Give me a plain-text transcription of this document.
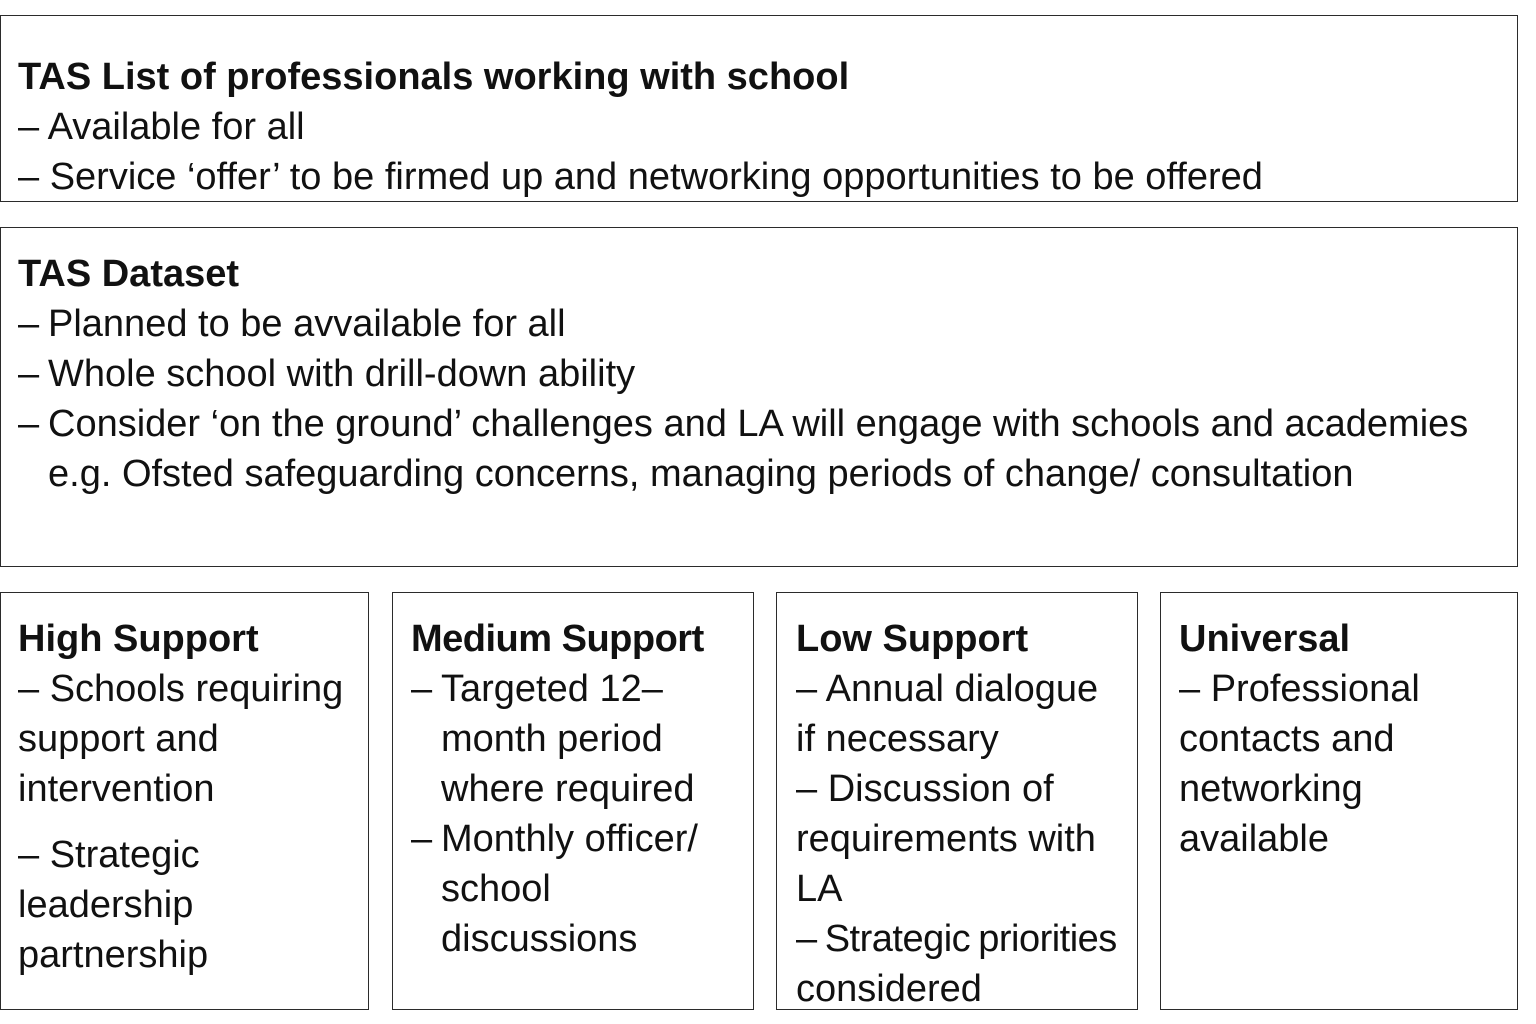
TAS List of professionals working with school
– Available for all
– Service ‘offer’ to be firmed up and networking opportunities to be offered
TAS Dataset
– Planned to be avvailable for all
– Whole school with drill-down ability
– Consider ‘on the ground’ challenges and LA will engage with schools and academies e.g. Ofsted safeguarding concerns, managing periods of change/ consultation
High Support
– Schools requiring support and intervention
– Strategic leadership partnership
Medium Support
– Targeted 12– month period where required
– Monthly officer/ school discussions
Low Support
– Annual dialogue if necessary
– Discussion of requirements with LA
– Strategic priorities
considered
Universal
– Professional contacts and networking available
